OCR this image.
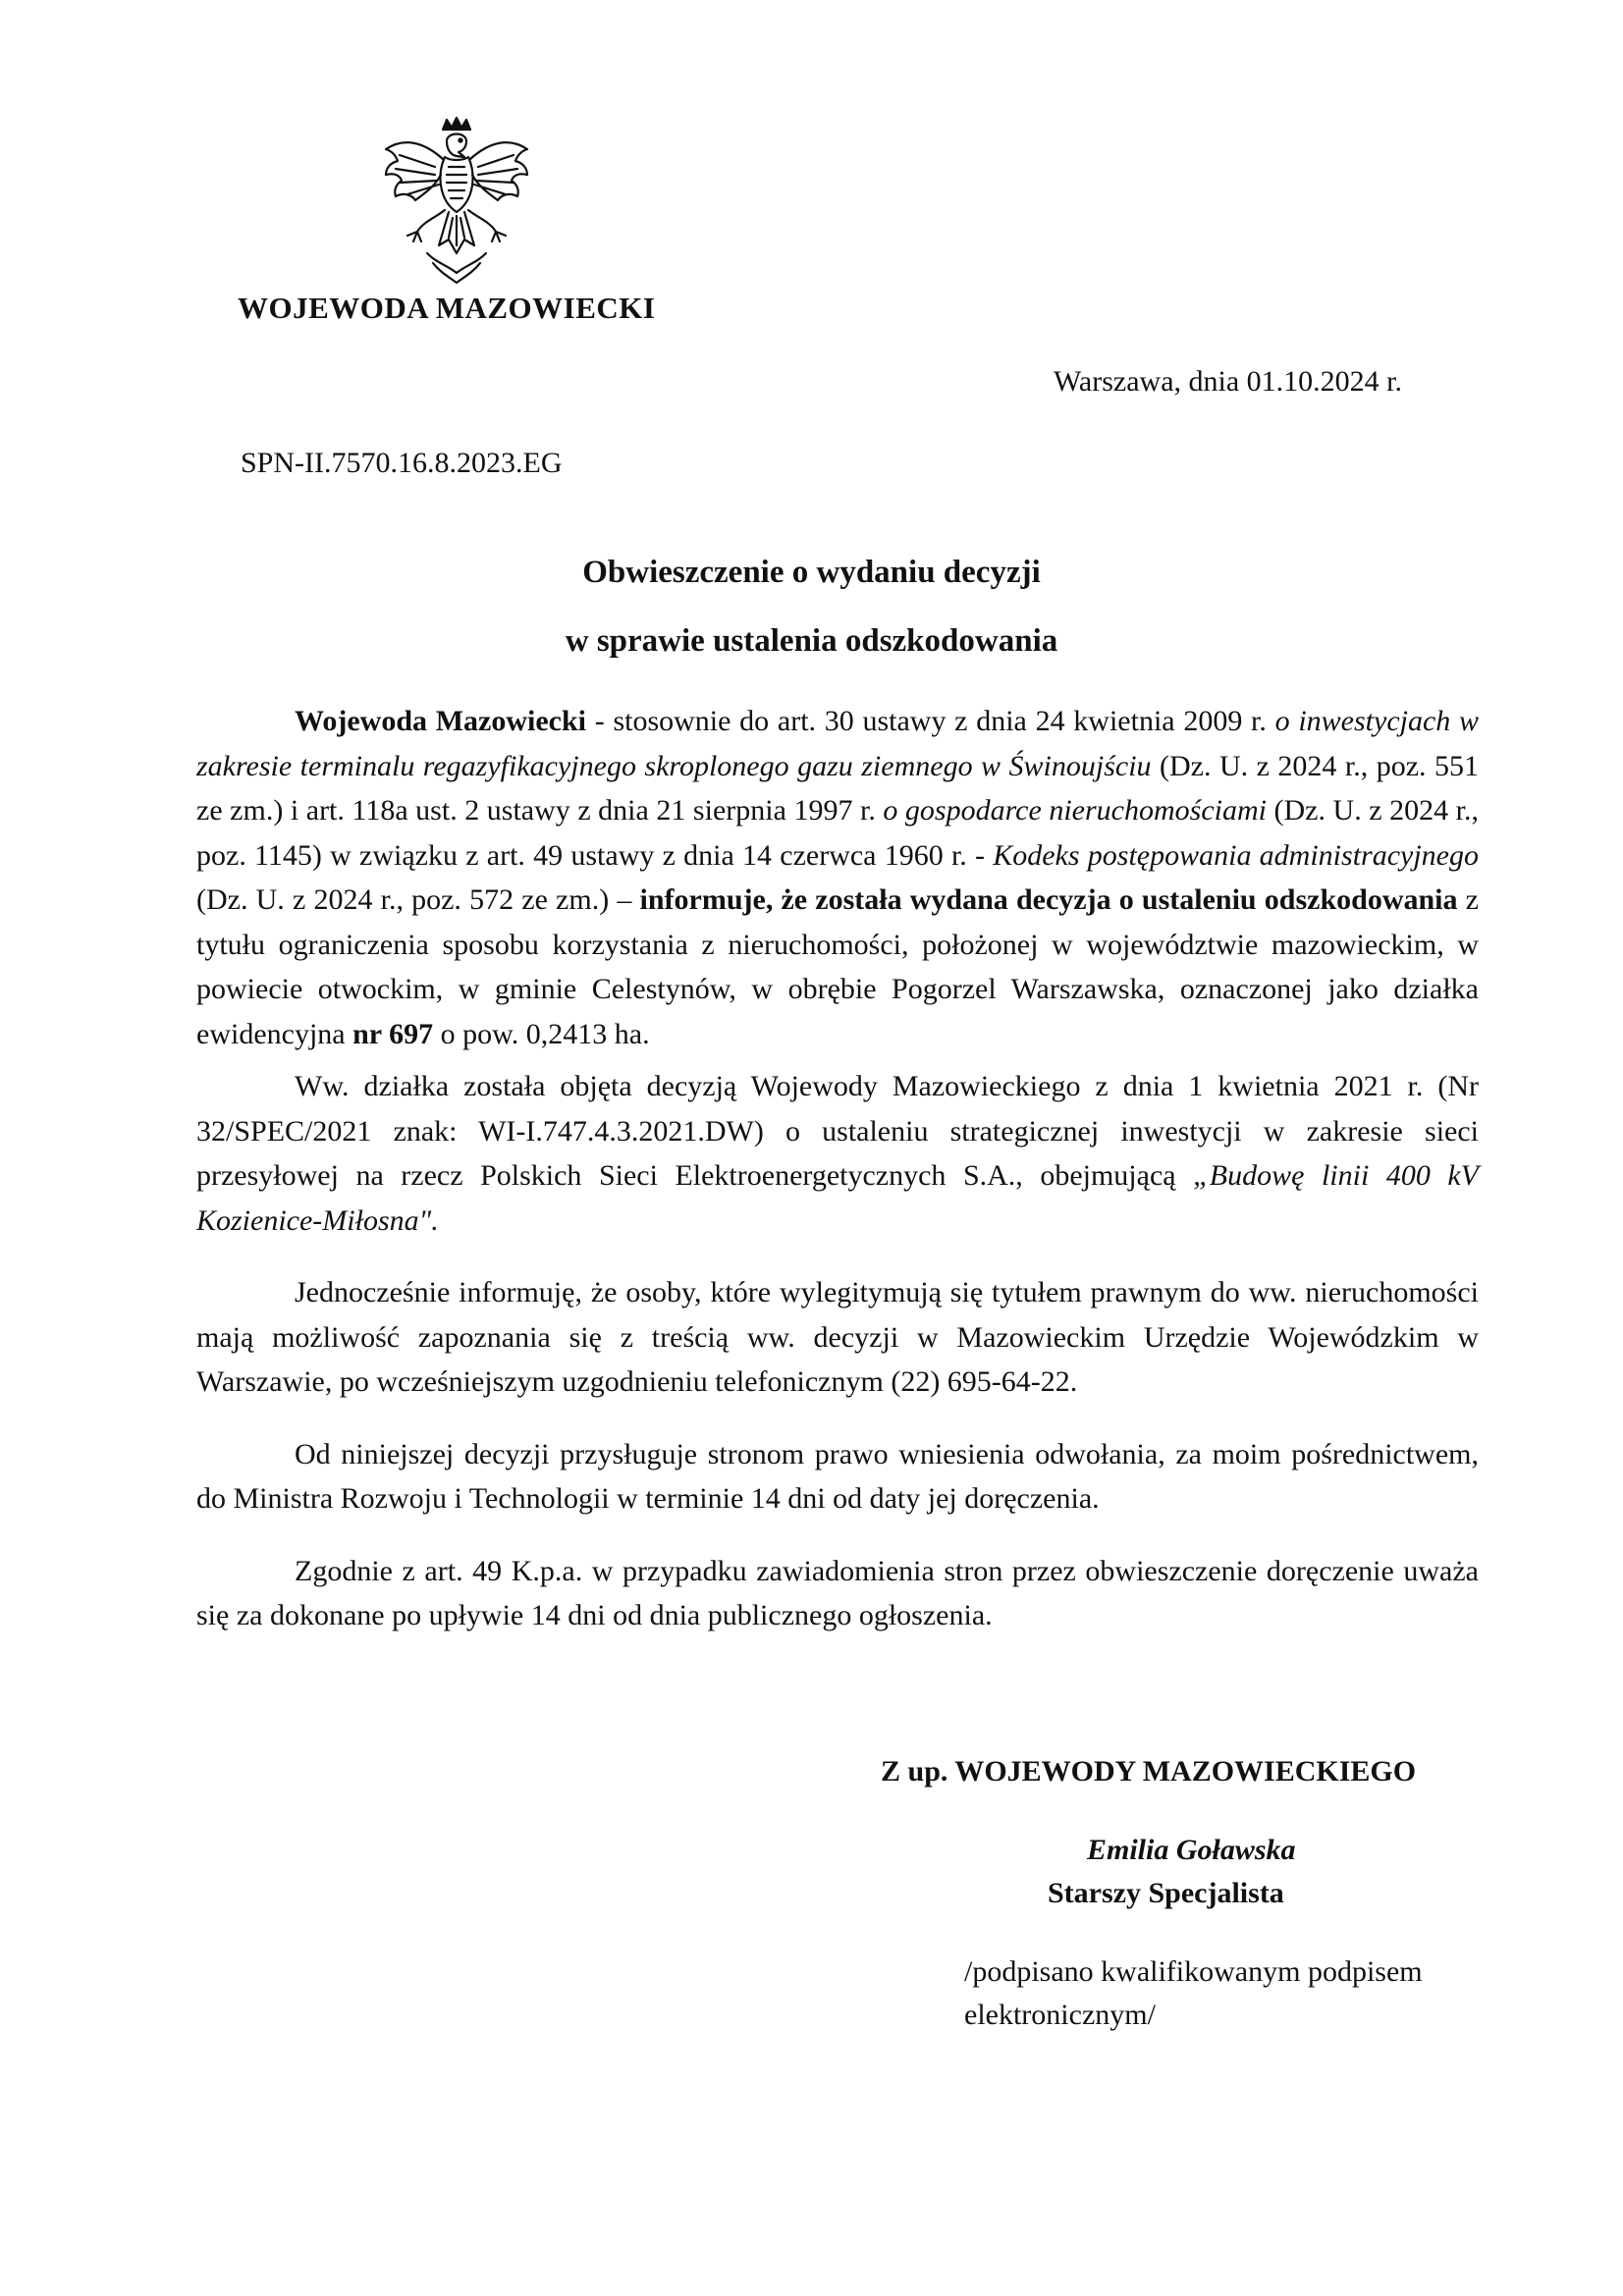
WOJEWODA MAZOWIECKI
Warszawa, dnia 01.10.2024 r.
SPN-II.7570.16.8.2023.EG
Obwieszczenie o wydaniu decyzji
w sprawie ustalenia odszkodowania

Wojewoda Mazowiecki - stosownie do art. 30 ustawy z dnia 24 kwietnia 2009 r. o inwestycjach w zakresie terminalu regazyfikacyjnego skroplonego gazu ziemnego w Świnoujściu (Dz. U. z 2024 r., poz. 551 ze zm.) i art. 118a ust. 2 ustawy z dnia 21 sierpnia 1997 r. o gospodarce nieruchomościami (Dz. U. z 2024 r., poz. 1145) w związku z art. 49 ustawy z dnia 14 czerwca 1960 r. - Kodeks postępowania administracyjnego (Dz. U. z 2024 r., poz. 572 ze zm.) – informuje, że została wydana decyzja o ustaleniu odszkodowania z tytułu ograniczenia sposobu korzystania z nieruchomości, położonej w województwie mazowieckim, w powiecie otwockim, w gminie Celestynów, w obrębie Pogorzel Warszawska, oznaczonej jako działka ewidencyjna nr 697 o pow. 0,2413 ha.

Ww. działka została objęta decyzją Wojewody Mazowieckiego z dnia 1 kwietnia 2021 r. (Nr 32/SPEC/2021 znak: WI-I.747.4.3.2021.DW) o ustaleniu strategicznej inwestycji w zakresie sieci przesyłowej na rzecz Polskich Sieci Elektroenergetycznych S.A., obejmującą „Budowę linii 400 kV Kozienice-Miłosna".

Jednocześnie informuję, że osoby, które wylegitymują się tytułem prawnym do ww. nieruchomości mają możliwość zapoznania się z treścią ww. decyzji w Mazowieckim Urzędzie Wojewódzkim w Warszawie, po wcześniejszym uzgodnieniu telefonicznym (22) 695-64-22.

Od niniejszej decyzji przysługuje stronom prawo wniesienia odwołania, za moim pośrednictwem, do Ministra Rozwoju i Technologii w terminie 14 dni od daty jej doręczenia.

Zgodnie z art. 49 K.p.a. w przypadku zawiadomienia stron przez obwieszczenie doręczenie uważa się za dokonane po upływie 14 dni od dnia publicznego ogłoszenia.

Z up. WOJEWODY MAZOWIECKIEGO
Emilia Goławska
Starszy Specjalista
/podpisano kwalifikowanym podpisem elektronicznym/
